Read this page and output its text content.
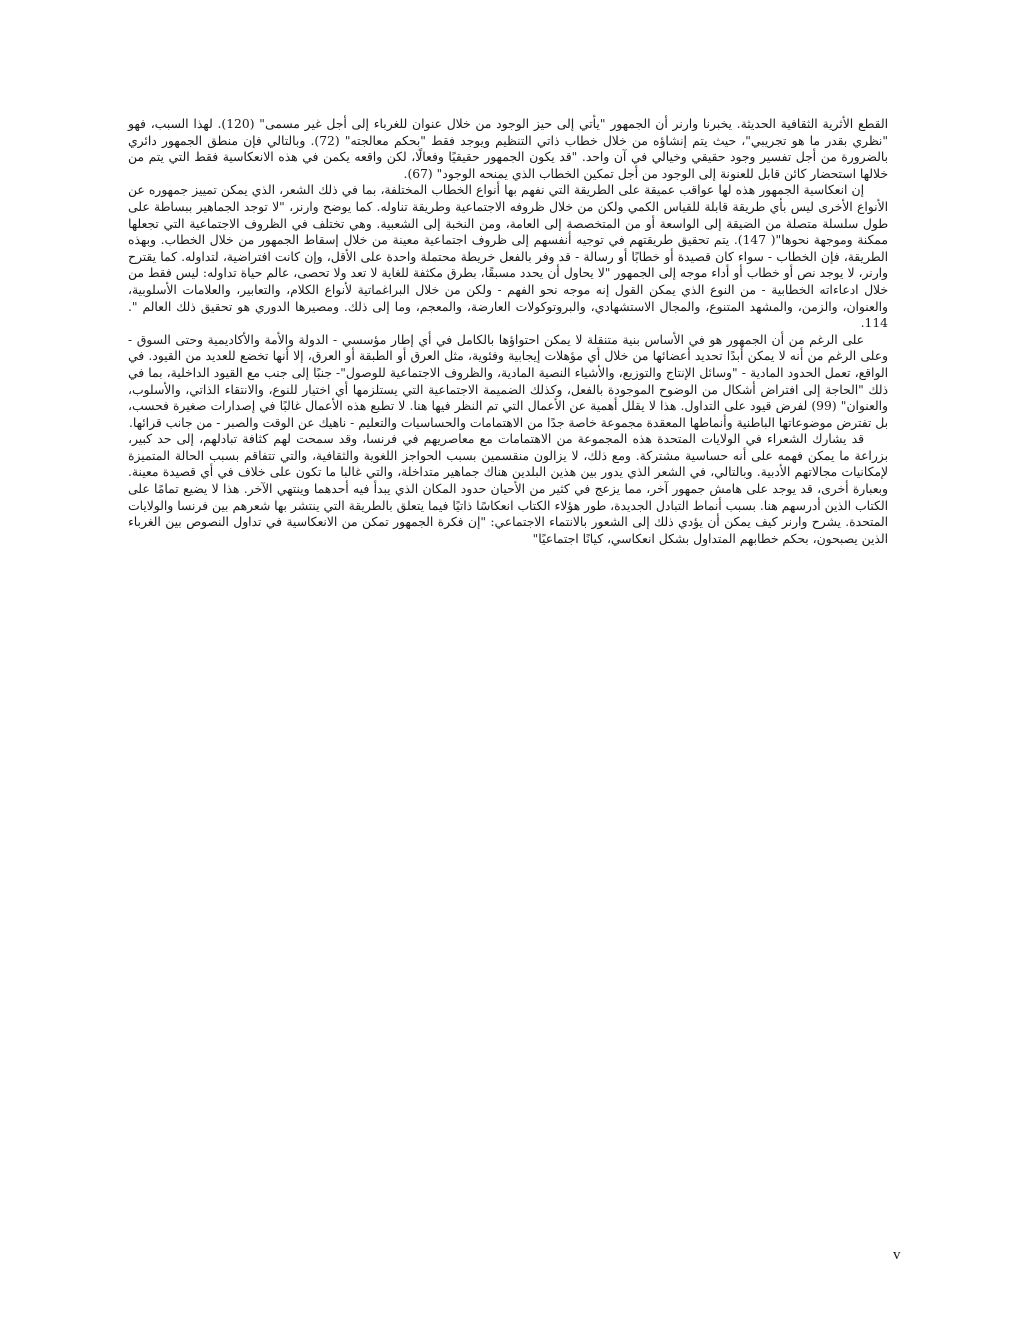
القطع الأثرية الثقافية الحديثة. يخبرنا وارنر أن الجمهور "يأتي إلى حيز الوجود من خلال عنوان للغرباء إلى أجل غير مسمى" (120). لهذا السبب، فهو "نظري بقدر ما هو تجريبي"، حيث يتم إنشاؤه من خلال خطاب ذاتي التنظيم ويوجد فقط "بحكم معالجته" (72). وبالتالي فإن منطق الجمهور دائري بالضرورة من أجل تفسير وجود حقيقي وخيالي في آن واحد. "قد يكون الجمهور حقيقيًا وفعالًا، لكن واقعه يكمن في هذه الانعكاسية فقط التي يتم من خلالها استحضار كائن قابل للعنونة إلى الوجود من أجل تمكين الخطاب الذي يمنحه الوجود" (67).

إن انعكاسية الجمهور هذه لها عواقب عميقة على الطريقة التي نفهم بها أنواع الخطاب المختلفة، بما في ذلك الشعر، الذي يمكن تمييز جمهوره عن الأنواع الأخرى ليس بأي طريقة قابلة للقياس الكمي ولكن من خلال ظروفه الاجتماعية وطريقة تناوله. كما يوضح وارنر، "لا توجد الجماهير ببساطة على طول سلسلة متصلة من الضيقة إلى الواسعة أو من المتخصصة إلى العامة، ومن النخبة إلى الشعبية. وهي تختلف في الظروف الاجتماعية التي تجعلها ممكنة وموجهة نحوها"( 147). يتم تحقيق طريقتهم في توجيه أنفسهم إلى ظروف اجتماعية معينة من خلال إسقاط الجمهور من خلال الخطاب. وبهذه الطريقة، فإن الخطاب - سواء كان قصيدة أو خطابًا أو رسالة - قد وفر بالفعل خريطة محتملة واحدة على الأقل، وإن كانت افتراضية، لتداوله. كما يقترح وارنر، لا يوجد نص أو خطاب أو أداء موجه إلى الجمهور "لا يحاول أن يحدد مسبقًا، بطرق مكثفة للغاية لا تعد ولا تحصى، عالم حياة تداوله: ليس فقط من خلال ادعاءاته الخطابية - من النوع الذي يمكن القول إنه موجه نحو الفهم - ولكن من خلال البراغماتية لأنواع الكلام، والتعابير، والعلامات الأسلوبية، والعنوان، والزمن، والمشهد المتنوع، والمجال الاستشهادي، والبروتوكولات العارضة، والمعجم، وما إلى ذلك. ومصيرها الدوري هو تحقيق ذلك العالم ". 114.

على الرغم من أن الجمهور هو في الأساس بنية متنقلة لا يمكن احتواؤها بالكامل في أي إطار مؤسسي - الدولة والأمة والأكاديمية وحتى السوق - وعلى الرغم من أنه لا يمكن أبدًا تحديد أعضائها من خلال أي مؤهلات إيجابية وفئوية، مثل العرق أو الطبقة أو العرق، إلا أنها تخضع للعديد من القيود. في الواقع، تعمل الحدود المادية - "وسائل الإنتاج والتوزيع، والأشياء النصية المادية، والظروف الاجتماعية للوصول"- جنبًا إلى جنب مع القيود الداخلية، بما في ذلك "الحاجة إلى افتراض أشكال من الوضوح الموجودة بالفعل، وكذلك الضميمة الاجتماعية التي يستلزمها أي اختيار للنوع، والانتقاء الذاتي، والأسلوب، والعنوان" (99) لفرض قيود على التداول. هذا لا يقلل أهمية عن الأعمال التي تم النظر فيها هنا. لا تطبع هذه الأعمال غالبًا في إصدارات صغيرة فحسب، بل تفترض موضوعاتها الباطنية وأنماطها المعقدة مجموعة خاصة جدًا من الاهتمامات والحساسيات والتعليم - ناهيك عن الوقت والصبر - من جانب قرائها.

قد يشارك الشعراء في الولايات المتحدة هذه المجموعة من الاهتمامات مع معاصريهم في فرنسا، وقد سمحت لهم كثافة تبادلهم، إلى حد كبير، بزراعة ما يمكن فهمه على أنه حساسية مشتركة. ومع ذلك، لا يزالون منقسمين بسبب الحواجز اللغوية والثقافية، والتي تتفاقم بسبب الحالة المتميزة لإمكانيات مجالاتهم الأدبية. وبالتالي، في الشعر الذي يدور بين هذين البلدين هناك جماهير متداخلة، والتي غالبا ما تكون على خلاف في أي قصيدة معينة. وبعبارة أخرى، قد يوجد على هامش جمهور آخر، مما يزعج في كثير من الأحيان حدود المكان الذي يبدأ فيه أحدهما وينتهي الآخر. هذا لا يضيع تمامًا على الكتاب الذين أدرسهم هنا. بسبب أنماط التبادل الجديدة، طور هؤلاء الكتاب انعكاسًا ذاتيًا فيما يتعلق بالطريقة التي ينتشر بها شعرهم بين فرنسا والولايات المتحدة. يشرح وارنر كيف يمكن أن يؤدي ذلك إلى الشعور بالانتماء الاجتماعي: "إن فكرة الجمهور تمكن من الانعكاسية في تداول النصوص بين الغرباء الذين يصبحون، بحكم خطابهم المتداول بشكل انعكاسي، كيانًا اجتماعيًا"

v
